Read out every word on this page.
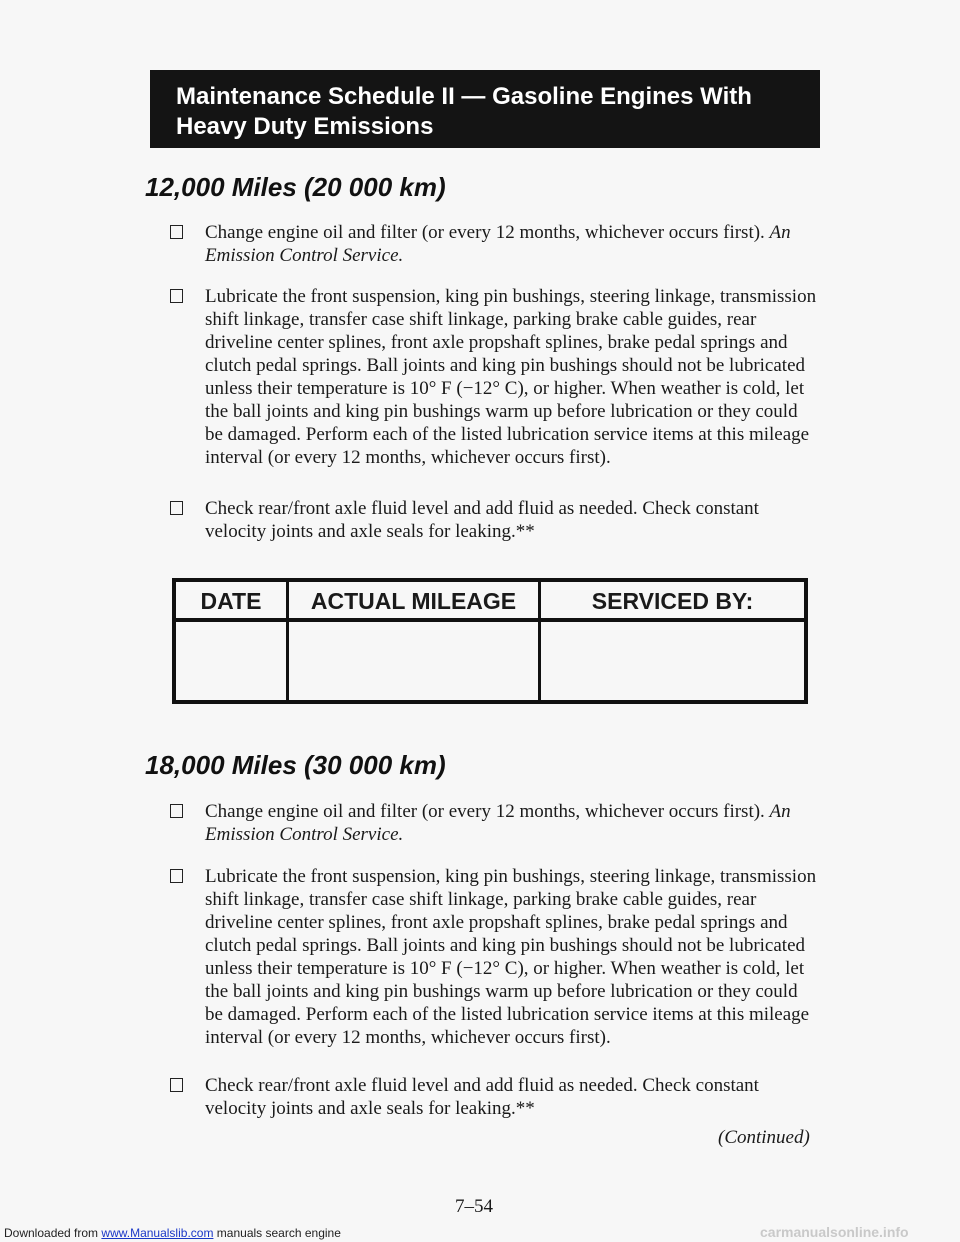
Maintenance Schedule II — Gasoline Engines With
Heavy Duty Emissions
12,000 Miles (20 000 km)
Change engine oil and filter (or every 12 months, whichever occurs first). An Emission Control Service.
Lubricate the front suspension, king pin bushings, steering linkage, transmission shift linkage, transfer case shift linkage, parking brake cable guides, rear driveline center splines, front axle propshaft splines, brake pedal springs and clutch pedal springs. Ball joints and king pin bushings should not be lubricated unless their temperature is 10° F (−12° C), or higher. When weather is cold, let the ball joints and king pin bushings warm up before lubrication or they could be damaged. Perform each of the listed lubrication service items at this mileage interval (or every 12 months, whichever occurs first).
Check rear/front axle fluid level and add fluid as needed. Check constant velocity joints and axle seals for leaking.**
DATE	ACTUAL MILEAGE	SERVICED BY:
18,000 Miles (30 000 km)
Change engine oil and filter (or every 12 months, whichever occurs first). An Emission Control Service.
Lubricate the front suspension, king pin bushings, steering linkage, transmission shift linkage, transfer case shift linkage, parking brake cable guides, rear driveline center splines, front axle propshaft splines, brake pedal springs and clutch pedal springs. Ball joints and king pin bushings should not be lubricated unless their temperature is 10° F (−12° C), or higher. When weather is cold, let the ball joints and king pin bushings warm up before lubrication or they could be damaged. Perform each of the listed lubrication service items at this mileage interval (or every 12 months, whichever occurs first).
Check rear/front axle fluid level and add fluid as needed. Check constant velocity joints and axle seals for leaking.**
(Continued)
7–54
Downloaded from www.Manualslib.com manuals search engine	carmanualsonline.info
